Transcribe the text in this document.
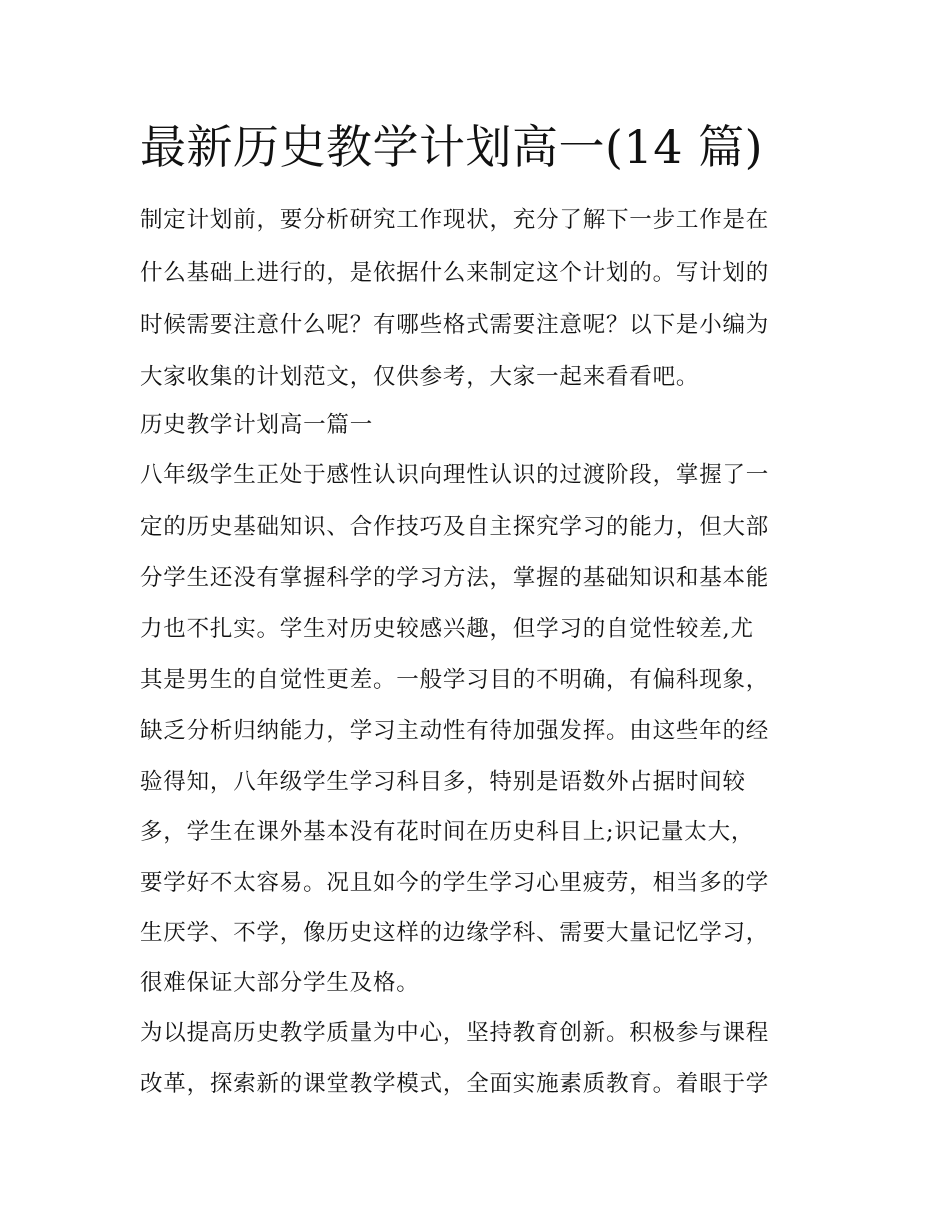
最新历史教学计划高一(14 篇)
制定计划前，要分析研究工作现状，充分了解下一步工作是在
什么基础上进行的，是依据什么来制定这个计划的。写计划的
时候需要注意什么呢？有哪些格式需要注意呢？以下是小编为
大家收集的计划范文，仅供参考，大家一起来看看吧。
历史教学计划高一篇一
八年级学生正处于感性认识向理性认识的过渡阶段，掌握了一
定的历史基础知识、合作技巧及自主探究学习的能力，但大部
分学生还没有掌握科学的学习方法，掌握的基础知识和基本能
力也不扎实。学生对历史较感兴趣，但学习的自觉性较差,尤
其是男生的自觉性更差。一般学习目的不明确，有偏科现象，
缺乏分析归纳能力，学习主动性有待加强发挥。由这些年的经
验得知，八年级学生学习科目多，特别是语数外占据时间较
多，学生在课外基本没有花时间在历史科目上;识记量太大，
要学好不太容易。况且如今的学生学习心里疲劳，相当多的学
生厌学、不学，像历史这样的边缘学科、需要大量记忆学习，
很难保证大部分学生及格。
为以提高历史教学质量为中心，坚持教育创新。积极参与课程
改革，探索新的课堂教学模式，全面实施素质教育。着眼于学
